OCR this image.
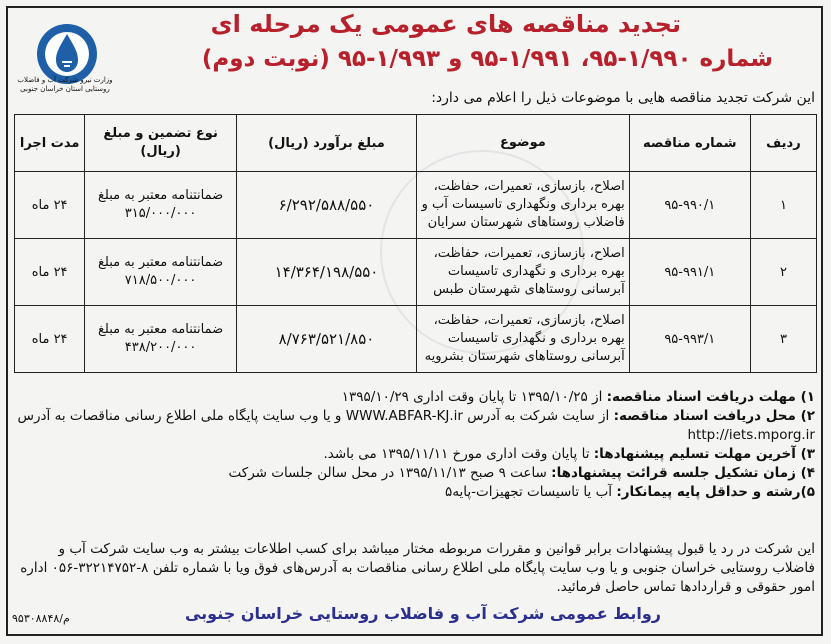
وزارت نیرو شرکت آب و فاضلاب روستایی استان خراسان جنوبی
تجدید مناقصه های عمومی یک مرحله ای
شماره ۱/۹۹۰-۹۵، ۱/۹۹۱-۹۵ و ۱/۹۹۳-۹۵ (نوبت دوم)
این شرکت تجدید مناقصه هایی با موضوعات ذیل را اعلام می دارد:
ردیف	شماره مناقصه	موضوع	مبلغ برآورد (ریال)	نوع تضمین و مبلغ (ریال)	مدت اجرا
۱	۹۵-۹۹۰/۱	اصلاح، بازسازی، تعمیرات، حفاظت، بهره برداری ونگهداری تاسیسات آب و فاضلاب روستاهای شهرستان سرایان	۶/۲۹۲/۵۸۸/۵۵۰	ضمانتنامه معتبر به مبلغ ۳۱۵/۰۰۰/۰۰۰	۲۴ ماه
۲	۹۵-۹۹۱/۱	اصلاح، بازسازی، تعمیرات، حفاظت، بهره برداری و نگهداری تاسیسات آبرسانی روستاهای شهرستان طبس	۱۴/۳۶۴/۱۹۸/۵۵۰	ضمانتنامه معتبر به مبلغ ۷۱۸/۵۰۰/۰۰۰	۲۴ ماه
۳	۹۵-۹۹۳/۱	اصلاح، بازسازی، تعمیرات، حفاظت، بهره برداری و نگهداری تاسیسات آبرسانی روستاهای شهرستان بشرویه	۸/۷۶۳/۵۲۱/۸۵۰	ضمانتنامه معتبر به مبلغ ۴۳۸/۲۰۰/۰۰۰	۲۴ ماه

۱) مهلت دریافت اسناد مناقصه: از ۱۳۹۵/۱۰/۲۵ تا پایان وقت اداری ۱۳۹۵/۱۰/۲۹

۲) محل دریافت اسناد مناقصه: از سایت شرکت به آدرس WWW.ABFAR-KJ.ir و یا وب سایت پایگاه ملی اطلاع رسانی مناقصات به آدرس http://iets.mporg.ir

۳) آخرین مهلت تسلیم پیشنهادها: تا پایان وقت اداری مورخ ۱۳۹۵/۱۱/۱۱ می باشد.

۴) زمان تشکیل جلسه قرائت پیشنهادها: ساعت ۹ صبح ۱۳۹۵/۱۱/۱۳ در محل سالن جلسات شرکت

۵)رشته و حداقل پایه پیمانکار: آب یا تاسیسات تجهیزات-پایه۵

این شرکت در رد یا قبول پیشنهادات برابر قوانین و مقررات مربوطه مختار میباشد برای کسب اطلاعات بیشتر به وب سایت شرکت آب و فاضلاب روستایی خراسان جنوبی و یا وب سایت پایگاه ملی اطلاع رسانی مناقصات به آدرس‌های فوق ویا با شماره تلفن ۸-۳۲۲۱۴۷۵۲-۰۵۶ اداره امور حقوقی و قراردادها تماس حاصل فرمائید.
روابط عمومی شرکت آب و فاضلاب روستایی خراسان جنوبی
م/۹۵۳۰۸۸۴۸
